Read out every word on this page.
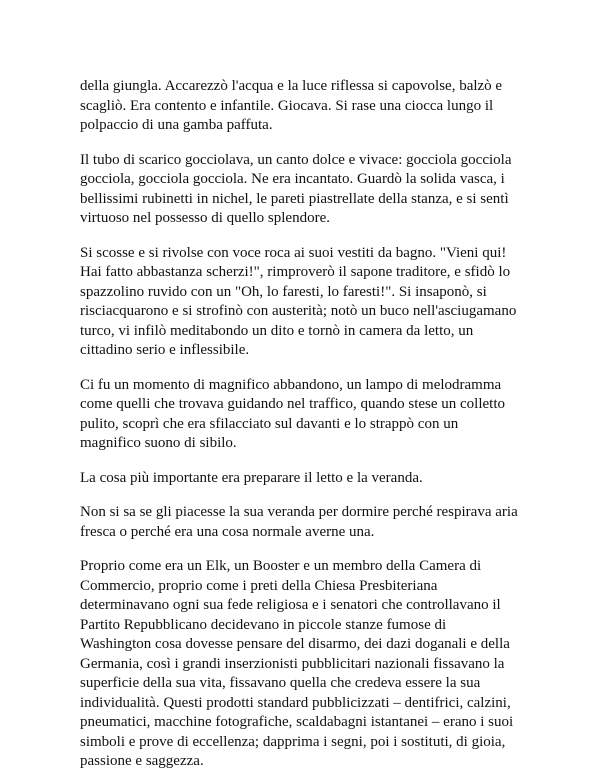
della giungla. Accarezzò l'acqua e la luce riflessa si capovolse, balzò e scagliò. Era contento e infantile. Giocava. Si rase una ciocca lungo il polpaccio di una gamba paffuta.

Il tubo di scarico gocciolava, un canto dolce e vivace: gocciola gocciola gocciola, gocciola gocciola. Ne era incantato. Guardò la solida vasca, i bellissimi rubinetti in nichel, le pareti piastrellate della stanza, e si sentì virtuoso nel possesso di quello splendore.

Si scosse e si rivolse con voce roca ai suoi vestiti da bagno. "Vieni qui! Hai fatto abbastanza scherzi!", rimproverò il sapone traditore, e sfidò lo spazzolino ruvido con un "Oh, lo faresti, lo faresti!". Si insaponò, si risciacquarono e si strofinò con austerità; notò un buco nell'asciugamano turco, vi infilò meditabondo un dito e tornò in camera da letto, un cittadino serio e inflessibile.

Ci fu un momento di magnifico abbandono, un lampo di melodramma come quelli che trovava guidando nel traffico, quando stese un colletto pulito, scoprì che era sfilacciato sul davanti e lo strappò con un magnifico suono di sibilo.

La cosa più importante era preparare il letto e la veranda.

Non si sa se gli piacesse la sua veranda per dormire perché respirava aria fresca o perché era una cosa normale averne una.

Proprio come era un Elk, un Booster e un membro della Camera di Commercio, proprio come i preti della Chiesa Presbiteriana determinavano ogni sua fede religiosa e i senatori che controllavano il Partito Repubblicano decidevano in piccole stanze fumose di Washington cosa dovesse pensare del disarmo, dei dazi doganali e della Germania, così i grandi inserzionisti pubblicitari nazionali fissavano la superficie della sua vita, fissavano quella che credeva essere la sua individualità. Questi prodotti standard pubblicizzati – dentifrici, calzini, pneumatici, macchine fotografiche, scaldabagni istantanei – erano i suoi simboli e prove di eccellenza; dapprima i segni, poi i sostituti, di gioia, passione e saggezza.
